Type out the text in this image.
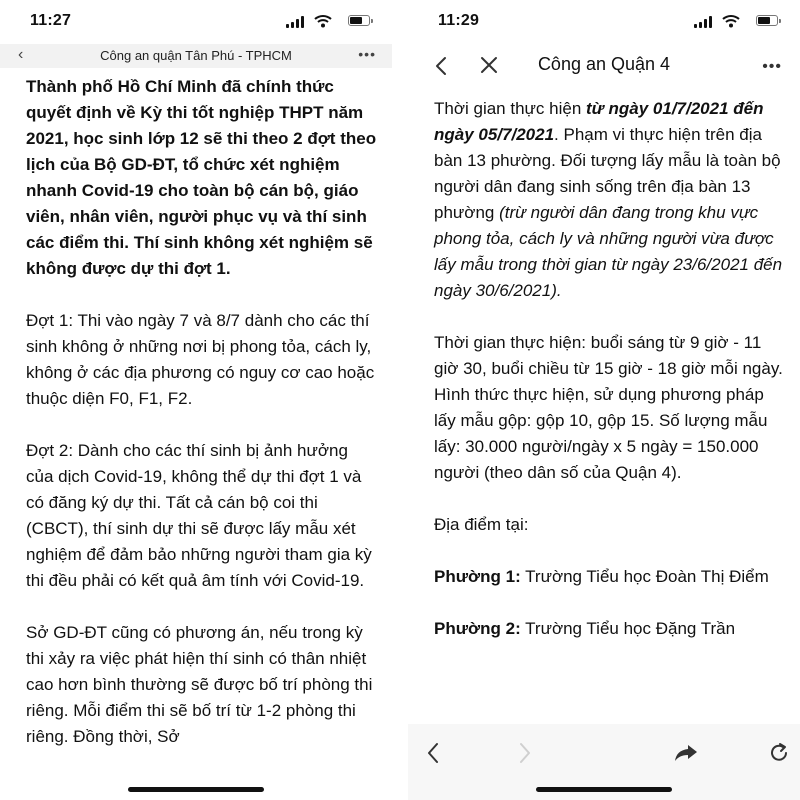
11:27
‹	Công an quận Tân Phú - TPHCM	•••

Thành phố Hồ Chí Minh đã chính thức quyết định về Kỳ thi tốt nghiệp THPT năm 2021, học sinh lớp 12 sẽ thi theo 2 đợt theo lịch của Bộ GD-ĐT, tổ chức xét nghiệm nhanh Covid-19 cho toàn bộ cán bộ, giáo viên, nhân viên, người phục vụ và thí sinh các điểm thi. Thí sinh không xét nghiệm sẽ không được dự thi đợt 1.

Đợt 1: Thi vào ngày 7 và 8/7 dành cho các thí sinh không ở những nơi bị phong tỏa, cách ly, không ở các địa phương có nguy cơ cao hoặc thuộc diện F0, F1, F2.

Đợt 2: Dành cho các thí sinh bị ảnh hưởng của dịch Covid-19, không thể dự thi đợt 1 và có đăng ký dự thi. Tất cả cán bộ coi thi (CBCT), thí sinh dự thi sẽ được lấy mẫu xét nghiệm để đảm bảo những người tham gia kỳ thi đều phải có kết quả âm tính với Covid-19.

Sở GD-ĐT cũng có phương án, nếu trong kỳ thi xảy ra việc phát hiện thí sinh có thân nhiệt cao hơn bình thường sẽ được bố trí phòng thi riêng. Mỗi điểm thi sẽ bố trí từ 1-2 phòng thi riêng. Đồng thời, Sở

11:29
Công an Quận 4	•••

Thời gian thực hiện từ ngày 01/7/2021 đến ngày 05/7/2021. Phạm vi thực hiện trên địa bàn 13 phường. Đối tượng lấy mẫu là toàn bộ người dân đang sinh sống trên địa bàn 13 phường (trừ người dân đang trong khu vực phong tỏa, cách ly và những người vừa được lấy mẫu trong thời gian từ ngày 23/6/2021 đến ngày 30/6/2021).

Thời gian thực hiện: buổi sáng từ 9 giờ - 11 giờ 30, buổi chiều từ 15 giờ - 18 giờ mỗi ngày. Hình thức thực hiện, sử dụng phương pháp lấy mẫu gộp: gộp 10, gộp 15. Số lượng mẫu lấy: 30.000 người/ngày x 5 ngày = 150.000 người (theo dân số của Quận 4).

Địa điểm tại:

Phường 1: Trường Tiểu học Đoàn Thị Điểm

Phường 2: Trường Tiểu học Đặng Trần
